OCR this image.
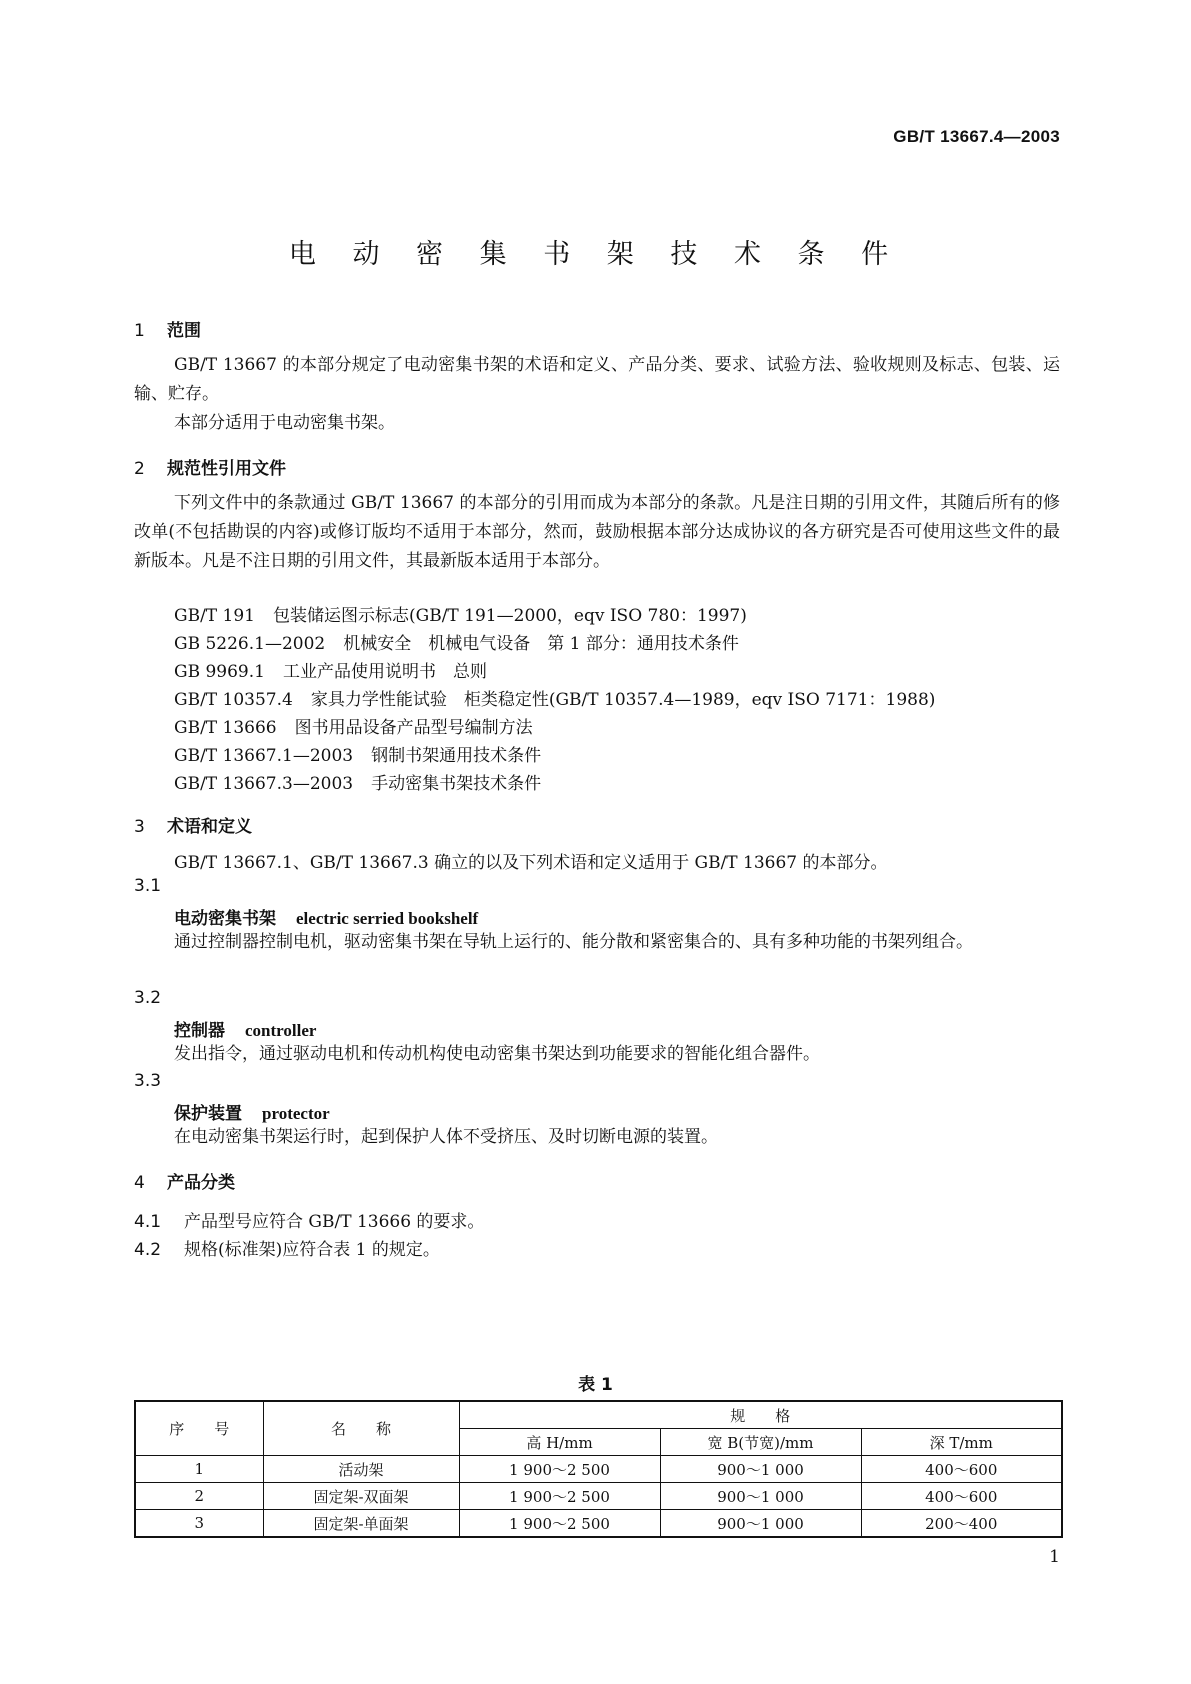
GB/T 13667.4—2003
电 动 密 集 书 架 技 术 条 件
1 范围
GB/T 13667 的本部分规定了电动密集书架的术语和定义、产品分类、要求、试验方法、验收规则及标志、包装、运输、贮存。
本部分适用于电动密集书架。
2 规范性引用文件
下列文件中的条款通过 GB/T 13667 的本部分的引用而成为本部分的条款。凡是注日期的引用文件，其随后所有的修改单(不包括勘误的内容)或修订版均不适用于本部分，然而，鼓励根据本部分达成协议的各方研究是否可使用这些文件的最新版本。凡是不注日期的引用文件，其最新版本适用于本部分。
GB/T 191 包装储运图示标志(GB/T 191—2000，eqv ISO 780：1997)
GB 5226.1—2002 机械安全　机械电气设备　第 1 部分：通用技术条件
GB 9969.1 工业产品使用说明书　总则
GB/T 10357.4 家具力学性能试验　柜类稳定性(GB/T 10357.4—1989，eqv ISO 7171：1988)
GB/T 13666 图书用品设备产品型号编制方法
GB/T 13667.1—2003 钢制书架通用技术条件
GB/T 13667.3—2003 手动密集书架技术条件
3 术语和定义
GB/T 13667.1、GB/T 13667.3 确立的以及下列术语和定义适用于 GB/T 13667 的本部分。
3.1
电动密集书架 electric serried bookshelf
通过控制器控制电机，驱动密集书架在导轨上运行的、能分散和紧密集合的、具有多种功能的书架列组合。
3.2
控制器 controller
发出指令，通过驱动电机和传动机构使电动密集书架达到功能要求的智能化组合器件。
3.3
保护装置 protector
在电动密集书架运行时，起到保护人体不受挤压、及时切断电源的装置。
4 产品分类
4.1 产品型号应符合 GB/T 13666 的要求。
4.2 规格(标准架)应符合表 1 的规定。
表 1
序　　号	名　　称	规　　格		
		高 H/mm	宽 B(节宽)/mm	深 T/mm
1	活动架	1 900～2 500	900～1 000	400～600
2	固定架-双面架	1 900～2 500	900～1 000	400～600
3	固定架-单面架	1 900～2 500	900～1 000	200～400
1
